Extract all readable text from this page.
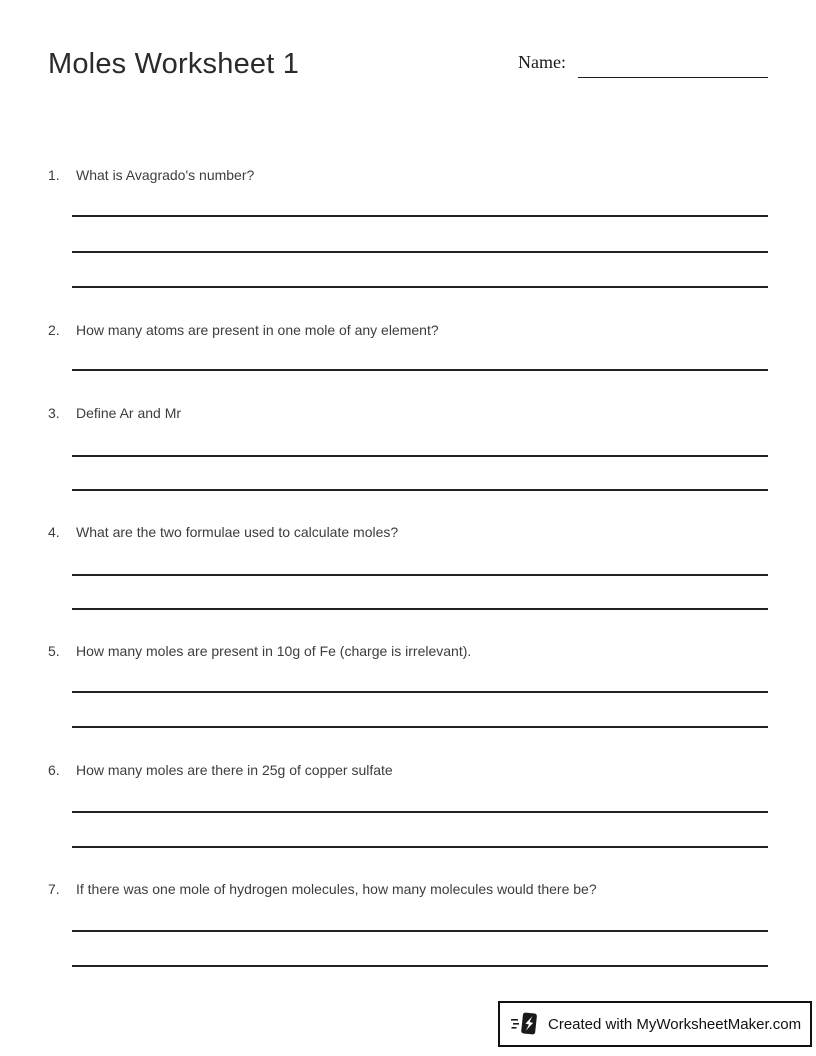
Moles Worksheet 1	Name:
1.	What is Avagrado's number?
2.	How many atoms are present in one mole of any element?
3.	Define Ar and Mr
4.	What are the two formulae used to calculate moles?
5.	How many moles are present in 10g of Fe (charge is irrelevant).
6.	How many moles are there in 25g of copper sulfate
7.	If there was one mole of hydrogen molecules, how many molecules would there be?
Created with MyWorksheetMaker.com
